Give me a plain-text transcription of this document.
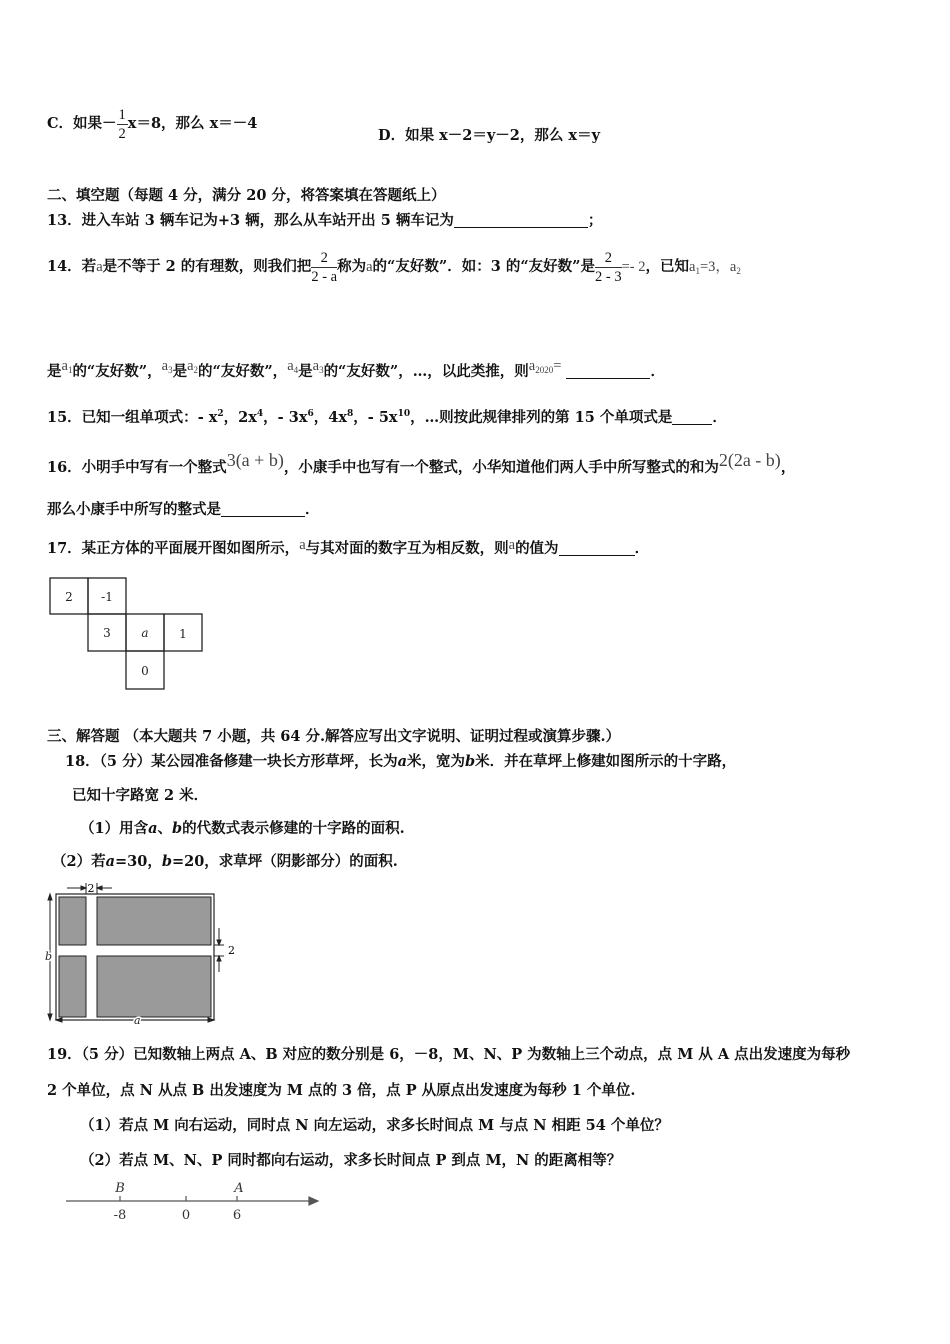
C．如果－ $\frac{1}{2} x=8$，那么 x＝－4
D．如果 x－2＝y－2，那么 x＝y
二、填空题（每题 4 分，满分 20 分，将答案填在答题纸上）
13．进入车站 3 辆车记为+3 辆，那么从车站开出 5 辆车记为	；
14．若a是不等于 2 的有理数，则我们把 $\frac{2}{2 - a}$ 称为a的“友好数”．如：3 的“友好数”是 $\frac{2}{2 - 3} =- 2$，已知$a_1=3$，$a_2$
是$a_1$的“友好数”，$a_3$是$a_2$的“友好数”，$a_4$是$a_3$的“友好数”，…，以此类推，则$a_{2020}=$	．
15．已知一组单项式：- $x^2$，$2x^4$，- $3x^6$，$4x^8$，- $5x^{10}$，…则按此规律排列的第 15 个单项式是	．
16．小明手中写有一个整式3(a + b)，小康手中也写有一个整式，小华知道他们两人手中所写整式的和为2(2a - b)，
那么小康手中所写的整式是	．
17．某正方体的平面展开图如图所示，a与其对面的数字互为相反数，则a的值为	．
2 -1
3	a	1
0
三、解答题 （本大题共 7 小题，共 64 分.解答应写出文字说明、证明过程或演算步骤.）
18．（5 分）某公园准备修建一块长方形草坪，长为a米，宽为b米．并在草坪上修建如图所示的十字路，
已知十字路宽 2 米．
（1）用含a、b的代数式表示修建的十字路的面积.
（2）若a=30，b=20，求草坪（阴影部分）的面积.
2
2
b
a
19．（5 分）已知数轴上两点 A、B 对应的数分别是 6，－8，M、N、P 为数轴上三个动点，点 M 从 A 点出发速度为每秒
2 个单位，点 N 从点 B 出发速度为 M 点的 3 倍，点 P 从原点出发速度为每秒 1 个单位.
（1）若点 M 向右运动，同时点 N 向左运动，求多长时间点 M 与点 N 相距 54 个单位？
（2）若点 M、N、P 同时都向右运动，求多长时间点 P 到点 M，N 的距离相等？
B	A
-8	0	6
